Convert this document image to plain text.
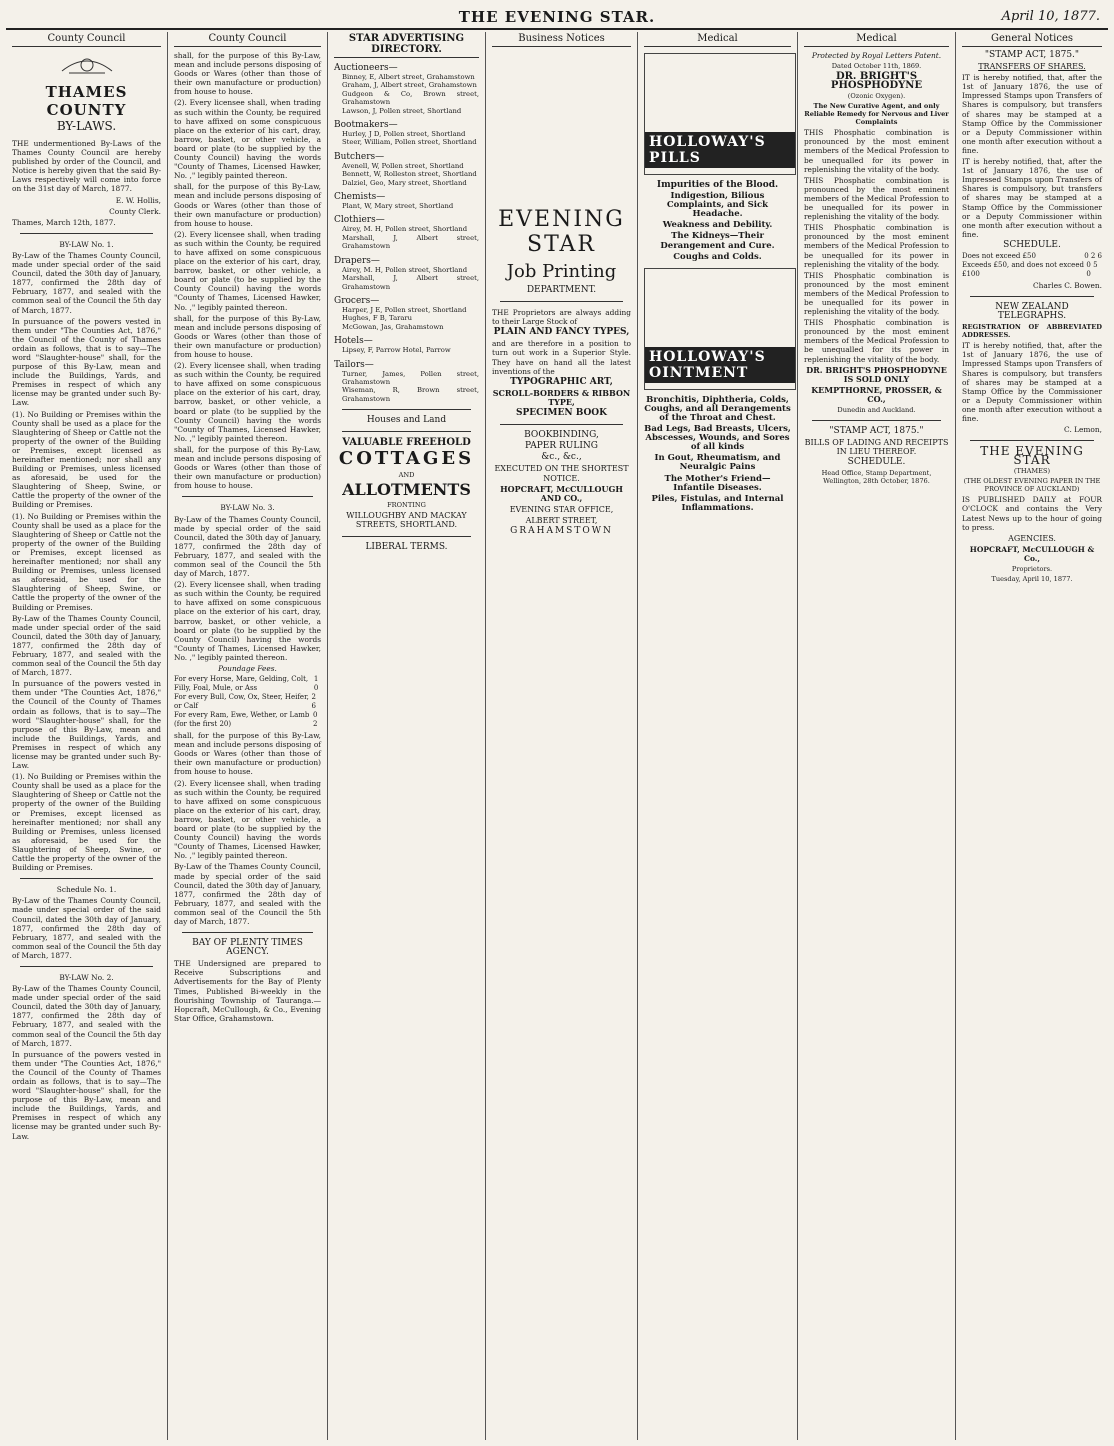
THE EVENING STAR.	April 10, 1877.
County Council
THAMES COUNTY
BY-LAWS.

THE undermentioned By-Laws of the Thames County Council are hereby published by order of the Council, and Notice is hereby given that the said By-Laws respectively will come into force on the 31st day of March, 1877.

E. W. Hollis,

County Clerk.

Thames, March 12th, 1877.

BY-LAW No. 1.

By-Law of the Thames County Council, made under special order of the said Council, dated the 30th day of January, 1877, confirmed the 28th day of February, 1877, and sealed with the common seal of the Council the 5th day of March, 1877.

In pursuance of the powers vested in them under "The Counties Act, 1876," the Council of the County of Thames ordain as follows, that is to say—The word "Slaughter-house" shall, for the purpose of this By-Law, mean and include the Buildings, Yards, and Premises in respect of which any license may be granted under such By-Law.

(1). No Building or Premises within the County shall be used as a place for the Slaughtering of Sheep or Cattle not the property of the owner of the Building or Premises, except licensed as hereinafter mentioned; nor shall any Building or Premises, unless licensed as aforesaid, be used for the Slaughtering of Sheep, Swine, or Cattle the property of the owner of the Building or Premises.

(1). No Building or Premises within the County shall be used as a place for the Slaughtering of Sheep or Cattle not the property of the owner of the Building or Premises, except licensed as hereinafter mentioned; nor shall any Building or Premises, unless licensed as aforesaid, be used for the Slaughtering of Sheep, Swine, or Cattle the property of the owner of the Building or Premises.

By-Law of the Thames County Council, made under special order of the said Council, dated the 30th day of January, 1877, confirmed the 28th day of February, 1877, and sealed with the common seal of the Council the 5th day of March, 1877.

In pursuance of the powers vested in them under "The Counties Act, 1876," the Council of the County of Thames ordain as follows, that is to say—The word "Slaughter-house" shall, for the purpose of this By-Law, mean and include the Buildings, Yards, and Premises in respect of which any license may be granted under such By-Law.

(1). No Building or Premises within the County shall be used as a place for the Slaughtering of Sheep or Cattle not the property of the owner of the Building or Premises, except licensed as hereinafter mentioned; nor shall any Building or Premises, unless licensed as aforesaid, be used for the Slaughtering of Sheep, Swine, or Cattle the property of the owner of the Building or Premises.

Schedule No. 1.

By-Law of the Thames County Council, made under special order of the said Council, dated the 30th day of January, 1877, confirmed the 28th day of February, 1877, and sealed with the common seal of the Council the 5th day of March, 1877.

BY-LAW No. 2.

By-Law of the Thames County Council, made under special order of the said Council, dated the 30th day of January, 1877, confirmed the 28th day of February, 1877, and sealed with the common seal of the Council the 5th day of March, 1877.

In pursuance of the powers vested in them under "The Counties Act, 1876," the Council of the County of Thames ordain as follows, that is to say—The word "Slaughter-house" shall, for the purpose of this By-Law, mean and include the Buildings, Yards, and Premises in respect of which any license may be granted under such By-Law.

County Council

shall, for the purpose of this By-Law, mean and include persons disposing of Goods or Wares (other than those of their own manufacture or production) from house to house.

(2). Every licensee shall, when trading as such within the County, be required to have affixed on some conspicuous place on the exterior of his cart, dray, barrow, basket, or other vehicle, a board or plate (to be supplied by the County Council) having the words "County of Thames, Licensed Hawker, No. ," legibly painted thereon.

shall, for the purpose of this By-Law, mean and include persons disposing of Goods or Wares (other than those of their own manufacture or production) from house to house.

(2). Every licensee shall, when trading as such within the County, be required to have affixed on some conspicuous place on the exterior of his cart, dray, barrow, basket, or other vehicle, a board or plate (to be supplied by the County Council) having the words "County of Thames, Licensed Hawker, No. ," legibly painted thereon.

shall, for the purpose of this By-Law, mean and include persons disposing of Goods or Wares (other than those of their own manufacture or production) from house to house.

(2). Every licensee shall, when trading as such within the County, be required to have affixed on some conspicuous place on the exterior of his cart, dray, barrow, basket, or other vehicle, a board or plate (to be supplied by the County Council) having the words "County of Thames, Licensed Hawker, No. ," legibly painted thereon.

shall, for the purpose of this By-Law, mean and include persons disposing of Goods or Wares (other than those of their own manufacture or production) from house to house.

BY-LAW No. 3.

By-Law of the Thames County Council, made by special order of the said Council, dated the 30th day of January, 1877, confirmed the 28th day of February, 1877, and sealed with the common seal of the Council the 5th day of March, 1877.

(2). Every licensee shall, when trading as such within the County, be required to have affixed on some conspicuous place on the exterior of his cart, dray, barrow, basket, or other vehicle, a board or plate (to be supplied by the County Council) having the words "County of Thames, Licensed Hawker, No. ," legibly painted thereon.

Poundage Fees.

For every Horse, Mare, Gelding, Colt, Filly, Foal, Mule, or Ass
1 0
For every Bull, Cow, Ox, Steer, Heifer, or Calf
2 6
For every Ram, Ewe, Wether, or Lamb (for the first 20)
0 2

shall, for the purpose of this By-Law, mean and include persons disposing of Goods or Wares (other than those of their own manufacture or production) from house to house.

(2). Every licensee shall, when trading as such within the County, be required to have affixed on some conspicuous place on the exterior of his cart, dray, barrow, basket, or other vehicle, a board or plate (to be supplied by the County Council) having the words "County of Thames, Licensed Hawker, No. ," legibly painted thereon.

By-Law of the Thames County Council, made by special order of the said Council, dated the 30th day of January, 1877, confirmed the 28th day of February, 1877, and sealed with the common seal of the Council the 5th day of March, 1877.

BAY OF PLENTY TIMES AGENCY.

THE Undersigned are prepared to Receive Subscriptions and Advertisements for the Bay of Plenty Times, Published Bi-weekly in the flourishing Township of Tauranga.—Hopcraft, McCullough, & Co., Evening Star Office, Grahamstown.

STAR ADVERTISING DIRECTORY.
Auctioneers—

Binney, E, Albert street, Grahamstown

Graham, J, Albert street, Grahamstown

Gudgeon & Co, Brown street, Grahamstown

Lawson, J, Pollen street, Shortland

Bootmakers—

Hurley, J D, Pollen street, Shortland

Steer, William, Pollen street, Shortland

Butchers—

Avenell, W, Pollen street, Shortland

Bennett, W, Rolleston street, Shortland

Dalziel, Geo, Mary street, Shortland

Chemists—

Plant, W, Mary street, Shortland

Clothiers—

Airey, M. H, Pollen street, Shortland

Marshall, J, Albert street, Grahamstown

Drapers—

Airey, M. H, Pollen street, Shortland

Marshall, J, Albert street, Grahamstown

Grocers—

Harper, J E, Pollen street, Shortland

Hughes, F B, Tararu

McGowan, Jas, Grahamstown

Hotels—

Lipsey, F, Parrow Hotel, Parrow

Tailors—

Turner, James, Pollen street, Grahamstown

Wiseman, R, Brown street, Grahamstown

Houses and Land

VALUABLE FREEHOLD

COTTAGES

AND

ALLOTMENTS

FRONTING

WILLOUGHBY AND MACKAY STREETS, SHORTLAND.

LIBERAL TERMS.

Business Notices
EVENING STAR
Job Printing

DEPARTMENT.

THE Proprietors are always adding to their Large Stock of

PLAIN AND FANCY TYPES,

and are therefore in a position to turn out work in a Superior Style. They have on hand all the latest inventions of the

TYPOGRAPHIC ART,

SCROLL-BORDERS & RIBBON TYPE,

SPECIMEN BOOK

BOOKBINDING,

PAPER RULING

&c., &c.,

EXECUTED ON THE SHORTEST NOTICE.

HOPCRAFT, McCULLOUGH AND CO.,

EVENING STAR OFFICE,

ALBERT STREET,

GRAHAMSTOWN

Medical
HOLLOWAY'S PILLS

Impurities of the Blood.

Indigestion, Bilious Complaints, and Sick Headache.

Weakness and Debility.

The Kidneys—Their Derangement and Cure.

Coughs and Colds.

HOLLOWAY'S OINTMENT

Bronchitis, Diphtheria, Colds, Coughs, and all Derangements of the Throat and Chest.

Bad Legs, Bad Breasts, Ulcers, Abscesses, Wounds, and Sores of all kinds

In Gout, Rheumatism, and Neuralgic Pains

The Mother's Friend—Infantile Diseases.

Piles, Fistulas, and Internal Inflammations.

Medical

Protected by Royal Letters Patent.

Dated October 11th, 1869.

DR. BRIGHT'S PHOSPHODYNE

(Ozonic Oxygen).

The New Curative Agent, and only Reliable Remedy for Nervous and Liver Complaints

THIS Phosphatic combination is pronounced by the most eminent members of the Medical Profession to be unequalled for its power in replenishing the vitality of the body.

THIS Phosphatic combination is pronounced by the most eminent members of the Medical Profession to be unequalled for its power in replenishing the vitality of the body.

THIS Phosphatic combination is pronounced by the most eminent members of the Medical Profession to be unequalled for its power in replenishing the vitality of the body.

THIS Phosphatic combination is pronounced by the most eminent members of the Medical Profession to be unequalled for its power in replenishing the vitality of the body.

THIS Phosphatic combination is pronounced by the most eminent members of the Medical Profession to be unequalled for its power in replenishing the vitality of the body.

DR. BRIGHT'S PHOSPHODYNE IS SOLD ONLY

KEMPTHORNE, PROSSER, & CO.,

Dunedin and Auckland.

"STAMP ACT, 1875."

BILLS OF LADING AND RECEIPTS IN LIEU THEREOF.

SCHEDULE.

Head Office, Stamp Department, Wellington, 28th October, 1876.

General Notices

"STAMP ACT, 1875."

TRANSFERS OF SHARES.

IT is hereby notified, that, after the 1st of January 1876, the use of Impressed Stamps upon Transfers of Shares is compulsory, but transfers of shares may be stamped at a Stamp Office by the Commissioner or a Deputy Commissioner within one month after execution without a fine.

IT is hereby notified, that, after the 1st of January 1876, the use of Impressed Stamps upon Transfers of Shares is compulsory, but transfers of shares may be stamped at a Stamp Office by the Commissioner or a Deputy Commissioner within one month after execution without a fine.

SCHEDULE.

Does not exceed £50	0 2 6
Exceeds £50, and does not exceed £100
0 5 0

Charles C. Bowen.

NEW ZEALAND TELEGRAPHS.

REGISTRATION OF ABBREVIATED ADDRESSES.

IT is hereby notified, that, after the 1st of January 1876, the use of Impressed Stamps upon Transfers of Shares is compulsory, but transfers of shares may be stamped at a Stamp Office by the Commissioner or a Deputy Commissioner within one month after execution without a fine.

C. Lemon,

THE EVENING STAR

(THAMES)

(THE OLDEST EVENING PAPER IN THE PROVINCE OF AUCKLAND)

IS PUBLISHED DAILY at FOUR O'CLOCK and contains the Very Latest News up to the hour of going to press.

AGENCIES.

HOPCRAFT, McCULLOUGH & Co.,

Proprietors.

Tuesday, April 10, 1877.
